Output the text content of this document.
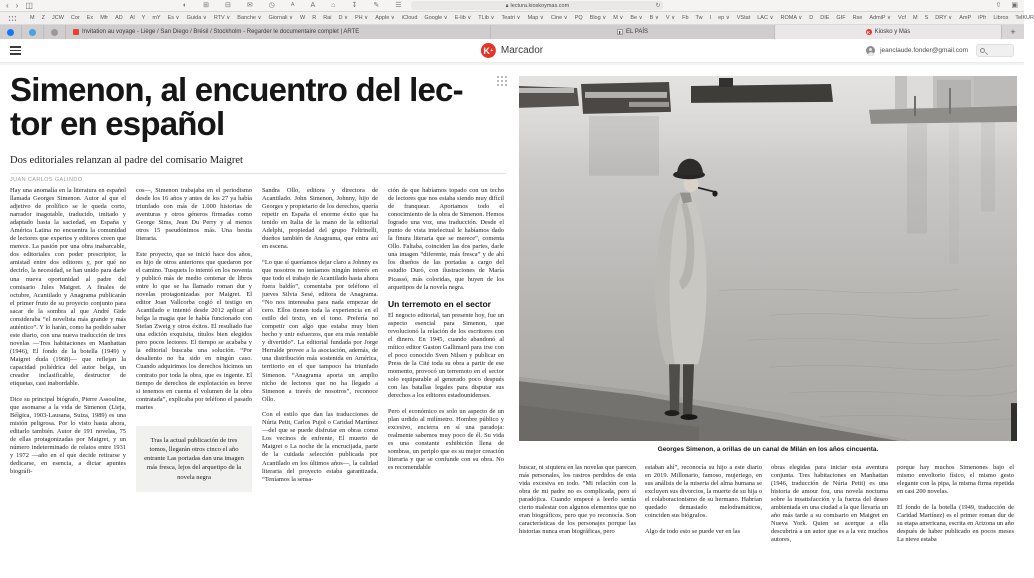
‹ › ◫	◐ ⊞ ⊟ ✉ ◷	A A ⌂ ↧ ✎ ☰	🔒︎ lectura.kioskoymas.com	↻	⇧ ▣
M Z JCW Cor Ex Mfr AD Al Y mY Es ∨ Guida ∨ RTV ∨ Banche ∨ Giornali ∨ W R Rai D ∨ PH ∨ Apple ∨ iCloud Google ∨ E-lib ∨ TLib ∨ Teatri ∨ Map ∨ Cine ∨ PQ Blog ∨ M ∨ Be ∨ B ∨ V ∨ Fb Tw I ep ∨ VStat LAC ∨ ROMA ∨ D DIE GIF Rse AdmiP ∨ Vcf M S DRY ∨ AmP iPfr Libros TelKUR
Invitation au voyage - Liège / San Diego / Brésil / Stockholm - Regarder le documentaire complet | ARTE	E EL PAÍS	K Kiosko y Más	+
K + Marcador	jeanclaude.fonder@gmail.com
Simenon, al encuentro del lec-
tor en español
Dos editoriales relanzan al padre del comisario Maigret
JUAN CARLOS GALINDO

Hay una anomalía en la literatura en español llamada Georges Simenon. Autor al que el adjetivo de prolífico se le queda corto, narrador inagotable, traducido, imitado y adaptado hasta la saciedad, en España y América Latina no encuentra la comunidad de lectores que expertos y editores creen que merece. La pasión por una obra inabarcable, dos editoriales con poder prescriptor, la amistad entre dos editores y, por qué no decirlo, la necesidad, se han unido para darle una nueva oportunidad al padre del comisario Jules Maigret. A finales de octubre, Acantilado y Anagrama publicarán el primer fruto de su proyecto conjunto para sacar de la sombra al que André Gide consideraba “el novelista más grande y más auténtico”. Y lo harán, como ha podido saber este diario, con una nueva traducción de tres novelas —Tres habitaciones en Manhattan (1946), El fondo de la botella (1949) y Maigret duda (1968)— que reflejan la capacidad poliédrica del autor belga, un creador inclasificable, destructor de etiquetas, casi inabordable.

Dice su principal biógrafo, Pierre Assouline, que asomarse a la vida de Simenon (Lieja, Bélgica, 1903-Lausana, Suiza, 1989) es una misión peligrosa. Por lo visto hasta ahora, editarlo también. Autor de 191 novelas, 75 de ellas protagonizadas por Maigret, y un número indeterminado de relatos entre 1931 y 1972 —año en el que decide retirarse y dedicarse, en esencia, a dictar apuntes biográfi-

cos—, Simenon trabajaba en el periodismo desde los 16 años y antes de los 27 ya había triunfado con más de 1.000 historias de aventuras y otros géneros firmadas como George Sims, Jean Du Perry y al menos otros 15 pseudónimos más. Una bestia literaria.

Este proyecto, que se inició hace dos años, es hijo de otros anteriores que quedaron por el camino. Tusquets lo intentó en los noventa y publicó más de medio centenar de libros entre lo que se ha llamado roman dur y novelas protagonizadas por Maigret. El editor Joan Vallcorba cogió el testigo en Acantilado e intentó desde 2012 aplicar al belga la magia que le había funcionado con Stefan Zweig y otros éxitos. El resultado fue una edición exquisita, títulos bien elegidos pero pocos lectores. El tiempo se acababa y la editorial buscaba una solución. “Por desaliento no ha sido en ningún caso. Cuando adquirimos los derechos hicimos un contrato por toda la obra, que es ingente. El tiempo de derechos de explotación es breve si tenemos en cuenta el volumen de la obra contratada”, explicaba por teléfono el pasado martes

Tras la actual publicación de tres tomos, llegarán otros cinco el año entrante Las portadas dan una imagen más fresca, lejos del arquetipo de la novela negra

Sandra Ollo, editora y directora de Acantilado. John Simenon, Johnny, hijo de Georges y propietario de los derechos, quería repetir en España el enorme éxito que ha tenido en Italia de la mano de la editorial Adelphi, propiedad del grupo Feltrinelli, dueños también de Anagrama, que entra así en escena.

“Lo que sí queríamos dejar claro a Johnny es que nosotros no teníamos ningún interés en que todo el trabajo de Acantilado hasta ahora fuera baldío”, comentaba por teléfono el jueves Silvia Sesé, editora de Anagrama. “No nos interesaba para nada empezar de cero. Ellos tienen toda la experiencia en el estilo del texto, en el tono. Prefería no competir con algo que estaba muy bien hecho y unir esfuerzos, que era más rentable y divertido”. La editorial fundada por Jorge Herralde provee a la asociación, además, de una distribución más sostenida en América, territorio en el que tampoco ha triunfado Simenon. “Anagrama aporta un amplio nicho de lectores que no ha llegado a Simenon a través de nosotros”, reconoce Ollo.

Con el estilo que dan las traducciones de Núria Petit, Carlos Pujol o Caridad Martínez —del que se puede disfrutar en obras como Los vecinos de enfrente, El muerto de Maigret o La noche de la encrucijada, parte de la cuidada selección publicada por Acantilado en los últimos años—, la calidad literaria del proyecto estaba garantizada. “Teníamos la sensa-

ción de que habíamos topado con un techo de lectores que nos estaba siendo muy difícil de franquear. Aportamos todo el conocimiento de la obra de Simenon. Hemos logrado una voz, una traducción. Desde el punto de vista intelectual le habíamos dado la finura literaria que se merece”, comenta Ollo. Faltaba, coinciden las dos partes, darle una imagen “diferente, más fresca” y de ahí los diseños de las portadas a cargo del estudio Duró, con ilustraciones de María Picassó, más coloridas, que huyen de los arquetipos de la novela negra.

Un terremoto en el sector

El negocio editorial, tan presente hoy, fue un aspecto esencial para Simenon, que revolucionó la relación de los escritores con el dinero. En 1945, cuando abandonó al mítico editor Gaston Gallimard para irse con el poco conocido Sven Nilsen y publicar en Press de la Cité toda su obra a partir de ese momento, provocó un terremoto en el sector solo equiparable al generado poco después con las batallas legales para disputar sus derechos a los editores estadounidenses.

Pero el económico es solo un aspecto de un plan urdido al milímetro. Hombre público y excesivo, encierra en sí una paradoja: realmente sabemos muy poco de él. Su vida es una constante exhibición llena de sombras, un periplo que es su mejor creación literaria y que se confunde con su obra. No es recomendable

Georges Simenon, a orillas de un canal de Milán en los años cincuenta.

buscar, ni siquiera en las novelas que parecen más personales, los rastros perdidos de esta vida excesiva en todo. “Mi relación con la obra de mi padre no es complicada, pero sí paradójica. Cuando empecé a leerlo sentía cierto malestar con algunos elementos que no eran biográficos, pero que yo reconocía. Son características de los personajes porque las historias nunca eran biográficas, pero

estaban ahí”, reconocía su hijo a este diario en 2019. Millonario, famoso, mujeriego, en sus análisis de la miseria del alma humana se excluyen sus divorcios, la muerte de su hija o el colaboracionismo de su hermano. Habrían quedado demasiado melodramáticos, coinciden sus biógrafos.

Algo de todo esto se puede ver en las

obras elegidas para iniciar esta aventura conjunta. Tres habitaciones en Manhattan (1946, traducción de Núria Petit) es una historia de amour fou, una novela nocturna sobre la insatisfacción y la fuerza del deseo ambientada en una ciudad a la que llevaría un año más tarde a su comisario en Maigret en Nueva York. Quien se acerque a ella descubrirá a un autor que es a la vez muchos autores,

porque hay muchos Simenones bajo el mismo envoltorio físico, el mismo gesto elegante con la pipa, la misma firma repetida en casi 200 novelas.

El fondo de la botella (1949, traducción de Caridad Martínez) es el primer roman dur de su etapa americana, escrita en Arizona un año después de haber publicado en pocos meses La nieve estaba
